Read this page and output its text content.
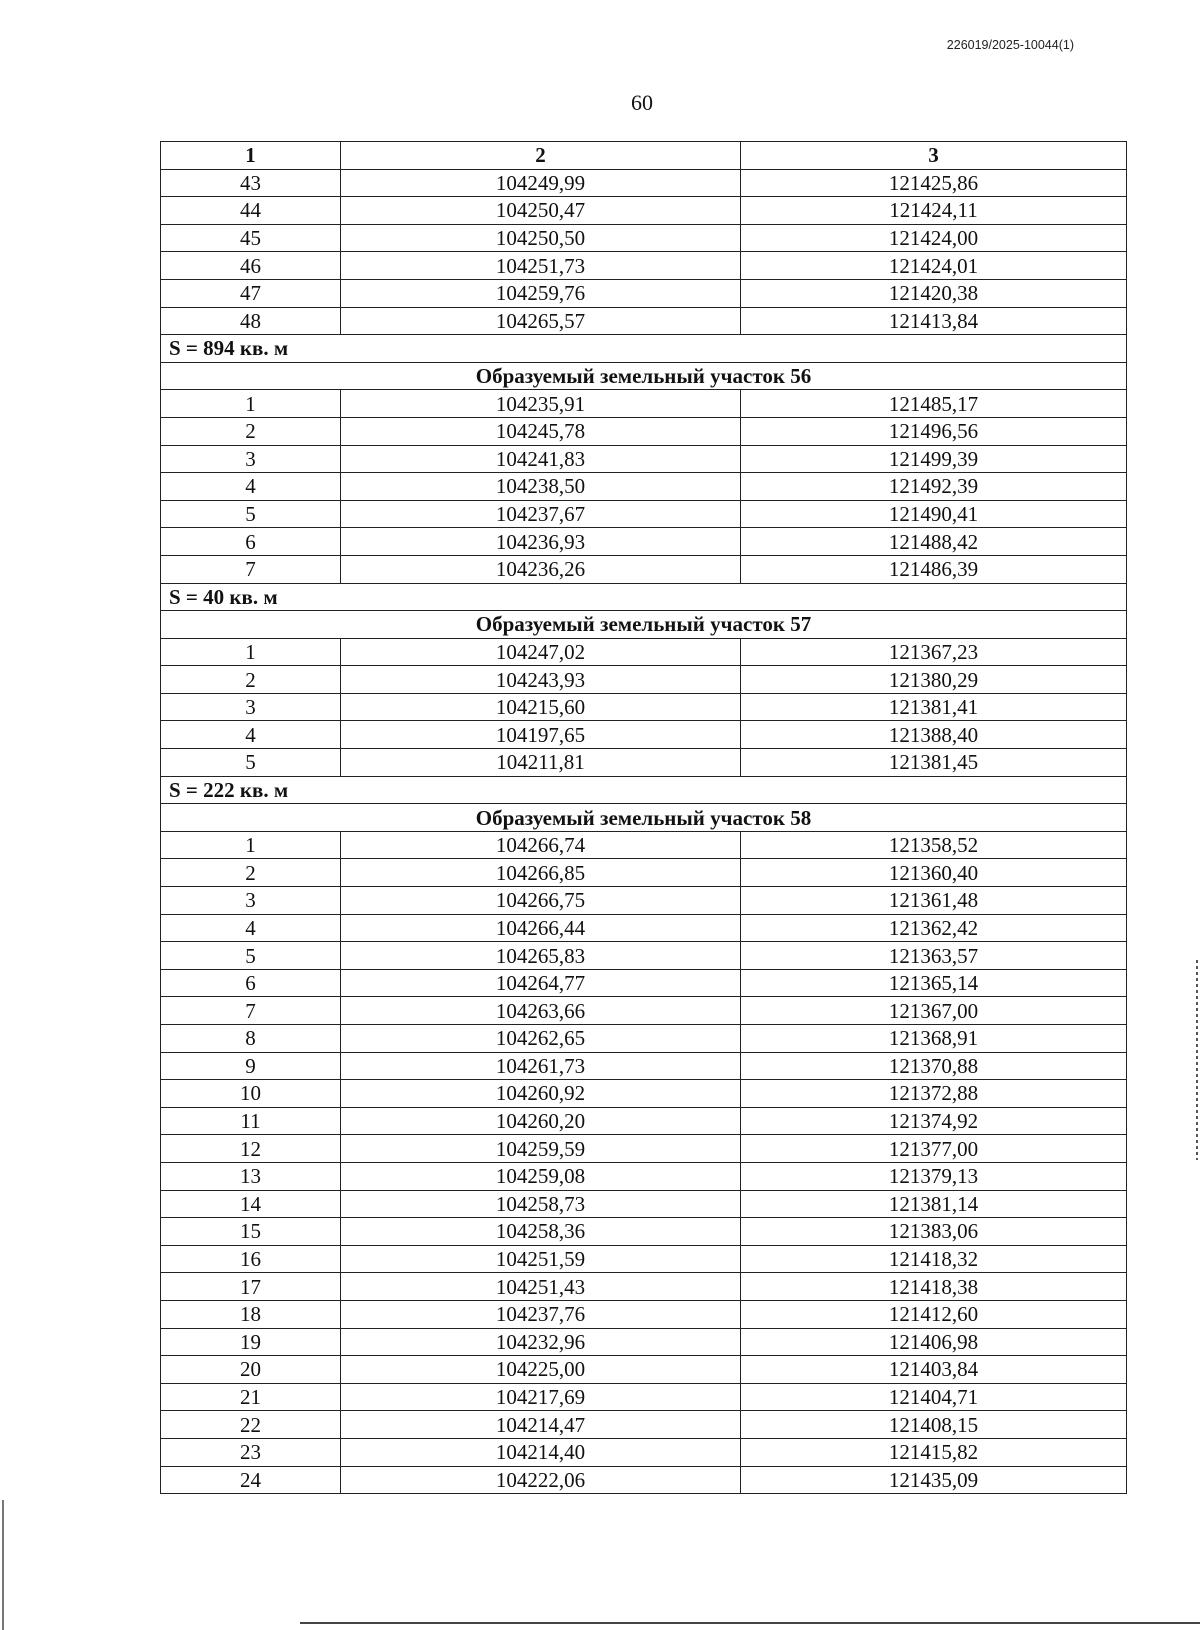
226019/2025-10044(1)
60
1	2	3
43	104249,99	121425,86
44	104250,47	121424,11
45	104250,50	121424,00
46	104251,73	121424,01
47	104259,76	121420,38
48	104265,57	121413,84
S = 894 кв. м		
Образуемый земельный участок 56		
1	104235,91	121485,17
2	104245,78	121496,56
3	104241,83	121499,39
4	104238,50	121492,39
5	104237,67	121490,41
6	104236,93	121488,42
7	104236,26	121486,39
S = 40 кв. м		
Образуемый земельный участок 57		
1	104247,02	121367,23
2	104243,93	121380,29
3	104215,60	121381,41
4	104197,65	121388,40
5	104211,81	121381,45
S = 222 кв. м		
Образуемый земельный участок 58		
1	104266,74	121358,52
2	104266,85	121360,40
3	104266,75	121361,48
4	104266,44	121362,42
5	104265,83	121363,57
6	104264,77	121365,14
7	104263,66	121367,00
8	104262,65	121368,91
9	104261,73	121370,88
10	104260,92	121372,88
11	104260,20	121374,92
12	104259,59	121377,00
13	104259,08	121379,13
14	104258,73	121381,14
15	104258,36	121383,06
16	104251,59	121418,32
17	104251,43	121418,38
18	104237,76	121412,60
19	104232,96	121406,98
20	104225,00	121403,84
21	104217,69	121404,71
22	104214,47	121408,15
23	104214,40	121415,82
24	104222,06	121435,09
